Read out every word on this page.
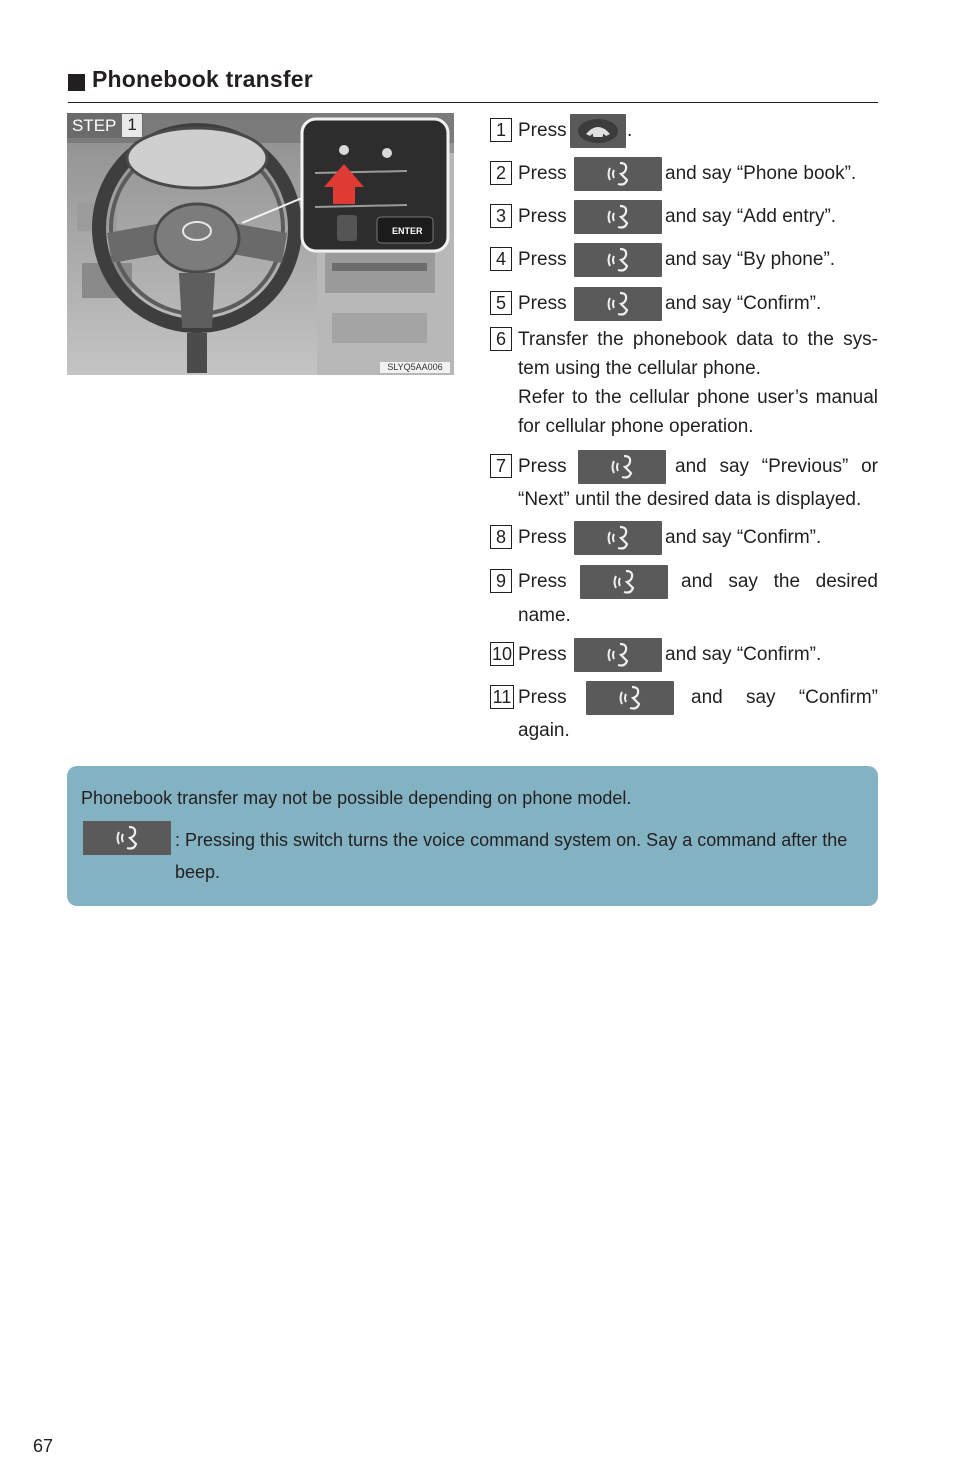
Phonebook transfer
STEP 1
ENTER
SLYQ5AA006
1 Press	.
2 Press	and say “Phone book”.
3 Press	and say “Add entry”.
4 Press	and say “By phone”.
5 Press	and say “Confirm”.
6 Transfer the phonebook data to the sys-
tem using the cellular phone.
Refer to the cellular phone user’s manual
for cellular phone operation.
7 Press	and say “Previous” or
“Next” until the desired data is displayed.
8 Press	and say “Confirm”.
9 Press	and say the desired
name.
10 Press	and say “Confirm”.
11 Press	and say “Confirm”
again.
Phonebook transfer may not be possible depending on phone model.
: Pressing this switch turns the voice command system on. Say a command after the beep.
67
